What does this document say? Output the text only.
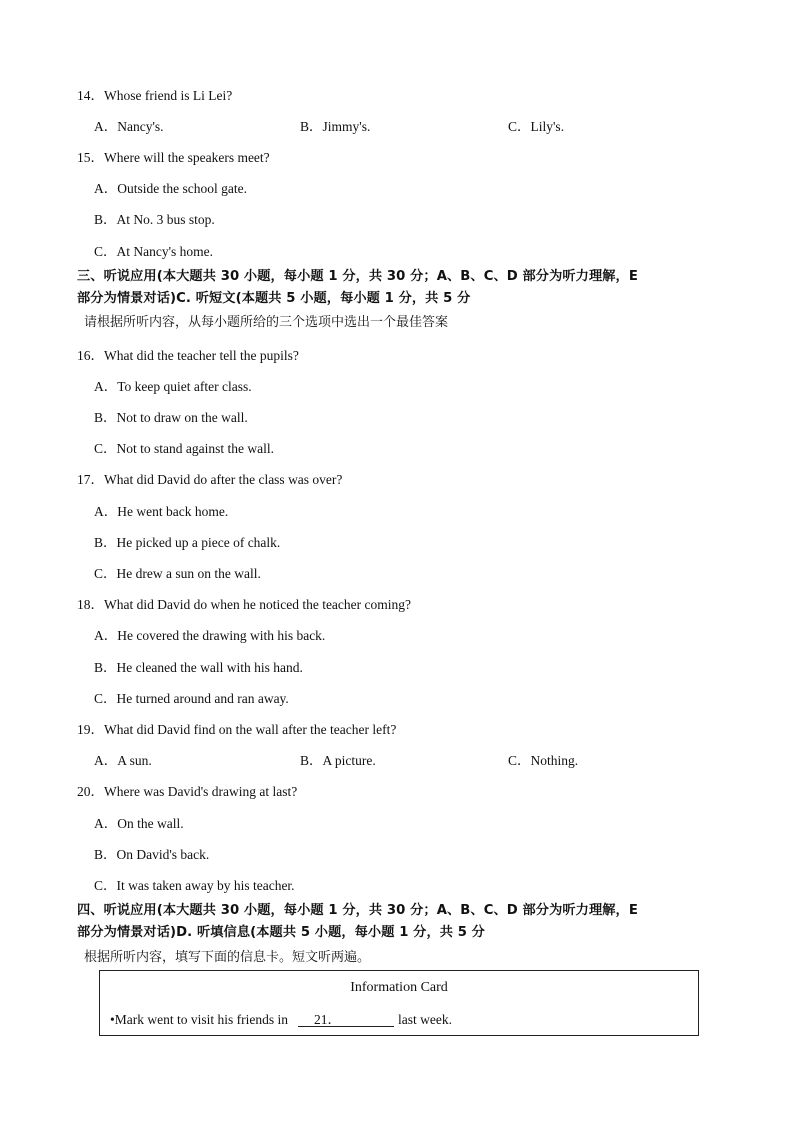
14．Whose friend is Li Lei?
A．Nancy's.	B．Jimmy's.	C．Lily's.
15．Where will the speakers meet?
A．Outside the school gate.
B．At No. 3 bus stop.
C．At Nancy's home.
三、听说应用(本大题共 30 小题，每小题 1 分，共 30 分；A、B、C、D 部分为听力理解，E
部分为情景对话)C. 听短文(本题共 5 小题，每小题 1 分，共 5 分
请根据所听内容，从每小题所给的三个选项中选出一个最佳答案
16．What did the teacher tell the pupils?
A．To keep quiet after class.
B．Not to draw on the wall.
C．Not to stand against the wall.
17．What did David do after the class was over?
A．He went back home.
B．He picked up a piece of chalk.
C．He drew a sun on the wall.
18．What did David do when he noticed the teacher coming?
A．He covered the drawing with his back.
B．He cleaned the wall with his hand.
C．He turned around and ran away.
19．What did David find on the wall after the teacher left?
A．A sun.	B．A picture.	C．Nothing.
20．Where was David's drawing at last?
A．On the wall.
B．On David's back.
C．It was taken away by his teacher.
四、听说应用(本大题共 30 小题，每小题 1 分，共 30 分；A、B、C、D 部分为听力理解，E
部分为情景对话)D. 听填信息(本题共 5 小题，每小题 1 分，共 5 分
根据所听内容，填写下面的信息卡。短文听两遍。
Information Card
•Mark went to visit his friends in 21．	last week.
